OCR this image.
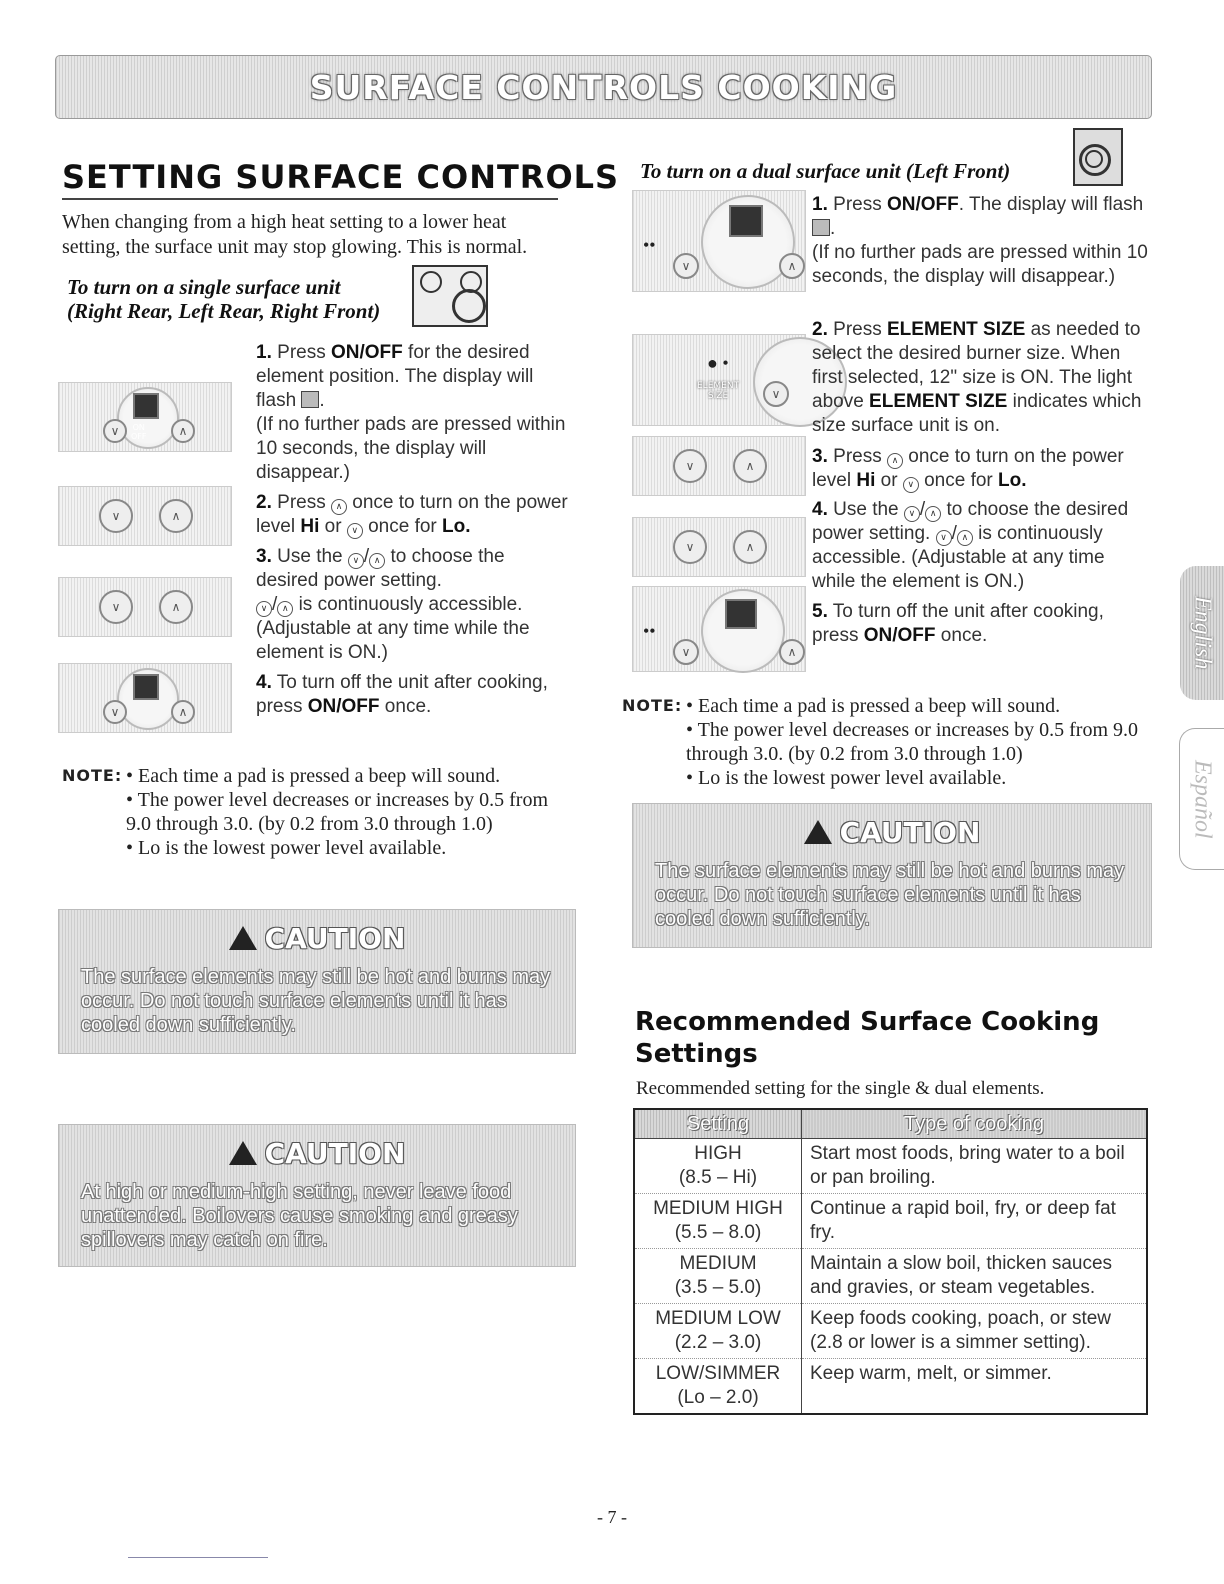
SURFACE CONTROLS COOKING
SETTING SURFACE CONTROLS
When changing from a high heat setting to a lower heat setting, the surface unit may stop glowing. This is normal.
To turn on a single surface unit
(Right Rear, Left Rear, Right Front)
∨	∧
ON
OFF
∨	∧
∨	∧
∨	∧
1. Press ON/OFF for the desired element position. The display will flash .
(If no further pads are pressed within 10 seconds, the display will disappear.)
2. Press ∧ once to turn on the power level Hi or ∨ once for Lo.
3. Use the ∨ / ∧ to choose the desired power setting.
∨ / ∧ is continuously accessible. (Adjustable at any time while the element is ON.)
4. To turn off the unit after cooking, press ON/OFF once.
NOTE: • Each time a pad is pressed a beep will sound.
• The power level decreases or increases by 0.5 from 9.0 through 3.0. (by 0.2 from 3.0 through 1.0)
• Lo is the lowest power level available.
CAUTION
The surface elements may still be hot and burns may occur. Do not touch surface elements until it has cooled down sufficiently.
CAUTION
At high or medium-high setting, never leave food unattended. Boilovers cause smoking and greasy spillovers may catch on fire.
To turn on a dual surface unit (Left Front)
••
∨	∧
● •
ELEMENT
SIZE	∨
∨	∧
∨	∧
••
∨	∧
1. Press ON/OFF. The display will flash .
(If no further pads are pressed within 10 seconds, the display will disappear.)
2. Press ELEMENT SIZE as needed to select the desired burner size. When first selected, 12" size is ON. The light above ELEMENT SIZE indicates which size surface unit is on.
3. Press ∧ once to turn on the power level Hi or ∨ once for Lo.
4. Use the ∨ / ∧ to choose the desired power setting. ∨ / ∧ is continuously accessible. (Adjustable at any time while the element is ON.)
5. To turn off the unit after cooking, press ON/OFF once.
NOTE: • Each time a pad is pressed a beep will sound.
• The power level decreases or increases by 0.5 from 9.0 through 3.0. (by 0.2 from 3.0 through 1.0)
• Lo is the lowest power level available.
CAUTION
The surface elements may still be hot and burns may occur. Do not touch surface elements until it has cooled down sufficiently.
Recommended Surface Cooking Settings
Recommended setting for the single & dual elements.
Setting	Type of cooking
HIGH
(8.5 – Hi)	Start most foods, bring water to a boil or pan broiling.
MEDIUM HIGH
(5.5 – 8.0)	Continue a rapid boil, fry, or deep fat fry.
MEDIUM
(3.5 – 5.0)	Maintain a slow boil, thicken sauces and gravies, or steam vegetables.
MEDIUM LOW
(2.2 – 3.0)	Keep foods cooking, poach, or stew (2.8 or lower is a simmer setting).
LOW/SIMMER
(Lo – 2.0)	Keep warm, melt, or simmer.
English
Español
- 7 -
